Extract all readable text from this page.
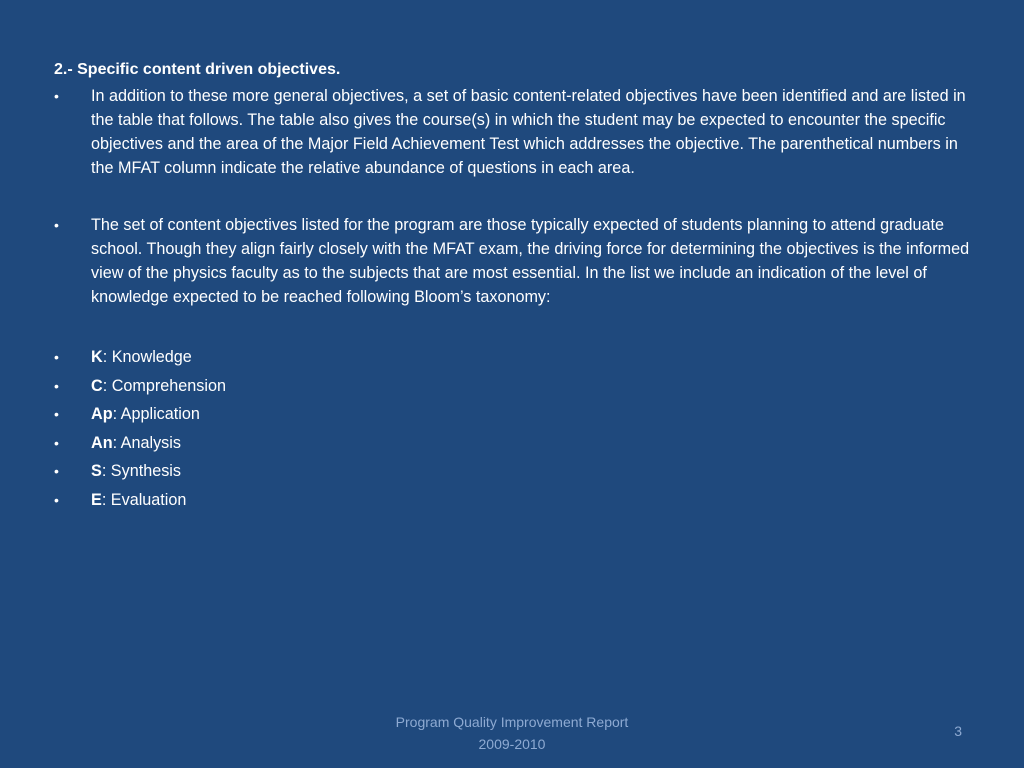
2.- Specific content driven objectives.

•	In addition to these more general objectives, a set of basic content-related objectives have been identified and are listed in the table that follows. The table also gives the course(s) in which the student may be expected to encounter the specific objectives and the area of the Major Field Achievement Test which addresses the objective. The parenthetical numbers in the MFAT column indicate the relative abundance of questions in each area.

•	The set of content objectives listed for the program are those typically expected of students planning to attend graduate school. Though they align fairly closely with the MFAT exam, the driving force for determining the objectives is the informed view of the physics faculty as to the subjects that are most essential. In the list we include an indication of the level of knowledge expected to be reached following Bloom’s taxonomy:

•	K: Knowledge
•	C: Comprehension
•	Ap: Application
•	An: Analysis
•	S: Synthesis
•	E: Evaluation
Program Quality Improvement Report
2009-2010
3
